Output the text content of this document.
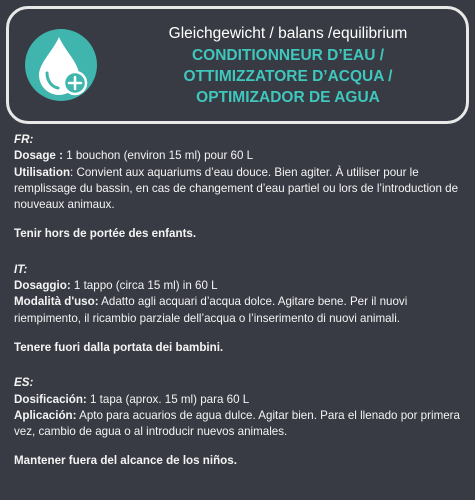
Gleichgewicht / balans /equilibrium
CONDITIONNEUR D’EAU /
OTTIMIZZATORE D’ACQUA /
OPTIMIZADOR DE AGUA
FR:
Dosage : 1 bouchon (environ 15 ml) pour 60 L
Utilisation: Convient aux aquariums d’eau douce. Bien agiter. À utiliser pour le remplissage du bassin, en cas de changement d’eau partiel ou lors de l’introduction de nouveaux animaux.
Tenir hors de portée des enfants.
IT:
Dosaggio: 1 tappo (circa 15 ml) in 60 L
Modalità d'uso: Adatto agli acquari d’acqua dolce. Agitare bene. Per il nuovi riempimento, il ricambio parziale dell’acqua o l’inserimento di nuovi animali.
Tenere fuori dalla portata dei bambini.
ES:
Dosificación: 1 tapa (aprox. 15 ml) para 60 L
Aplicación: Apto para acuarios de agua dulce. Agitar bien. Para el llenado por primera vez, cambio de agua o al introducir nuevos animales.
Mantener fuera del alcance de los niños.
